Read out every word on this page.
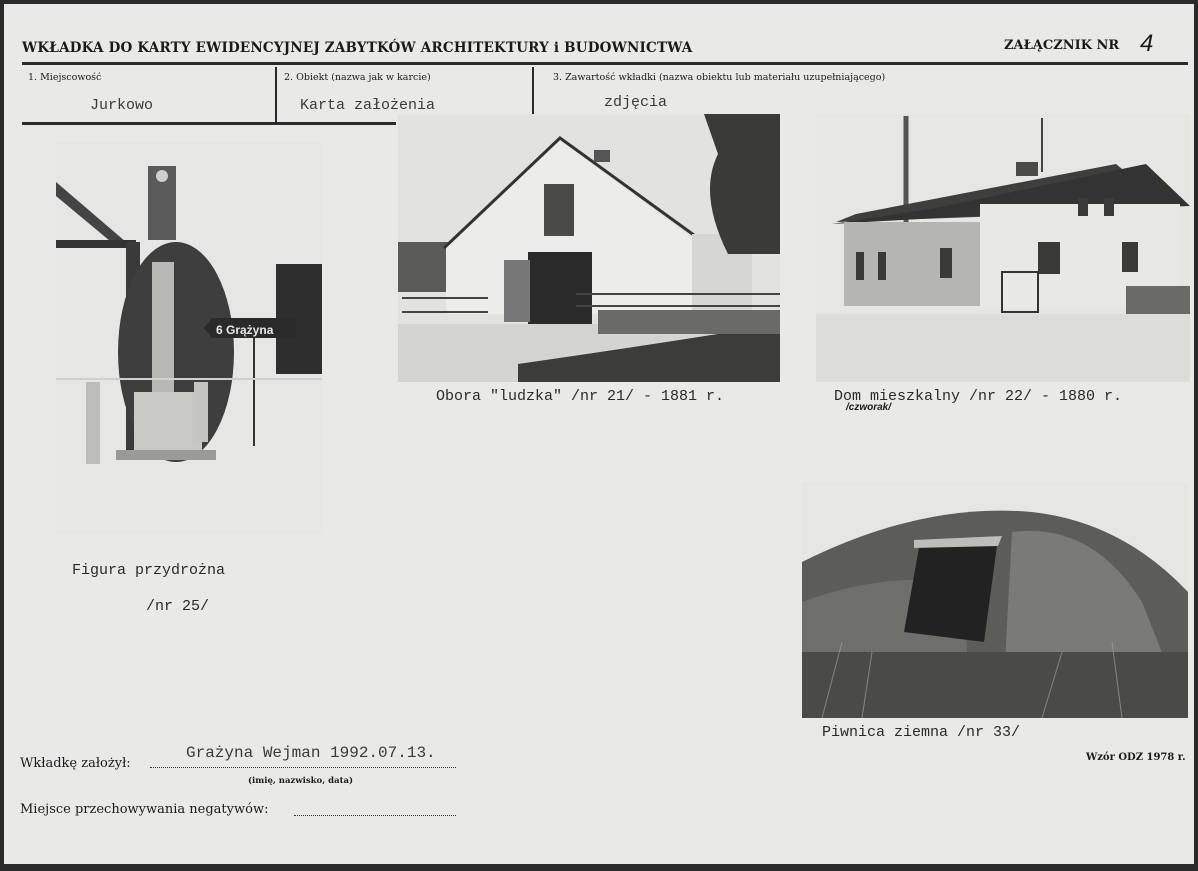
WKŁADKA DO KARTY EWIDENCYJNEJ ZABYTKÓW ARCHITEKTURY i BUDOWNICTWA	ZAŁĄCZNIK NR 4
1. Miejscowość
Jurkowo
2. Obiekt (nazwa jak w karcie)
Karta założenia
3. Zawartość wkładki (nazwa obiektu lub materiału uzupełniającego)
zdjęcia
6 Grążyna
Figura przydrożna
/nr 25/
Obora "ludzka" /nr 21/ - 1881 r.	Dom mieszkalny /nr 22/ - 1880 r.
/czworak/
Piwnica ziemna /nr 33/
Wzór ODZ 1978 r.
Wkładkę założył:
Grażyna Wejman 1992.07.13.
(imię, nazwisko, data)
Miejsce przechowywania negatywów:
